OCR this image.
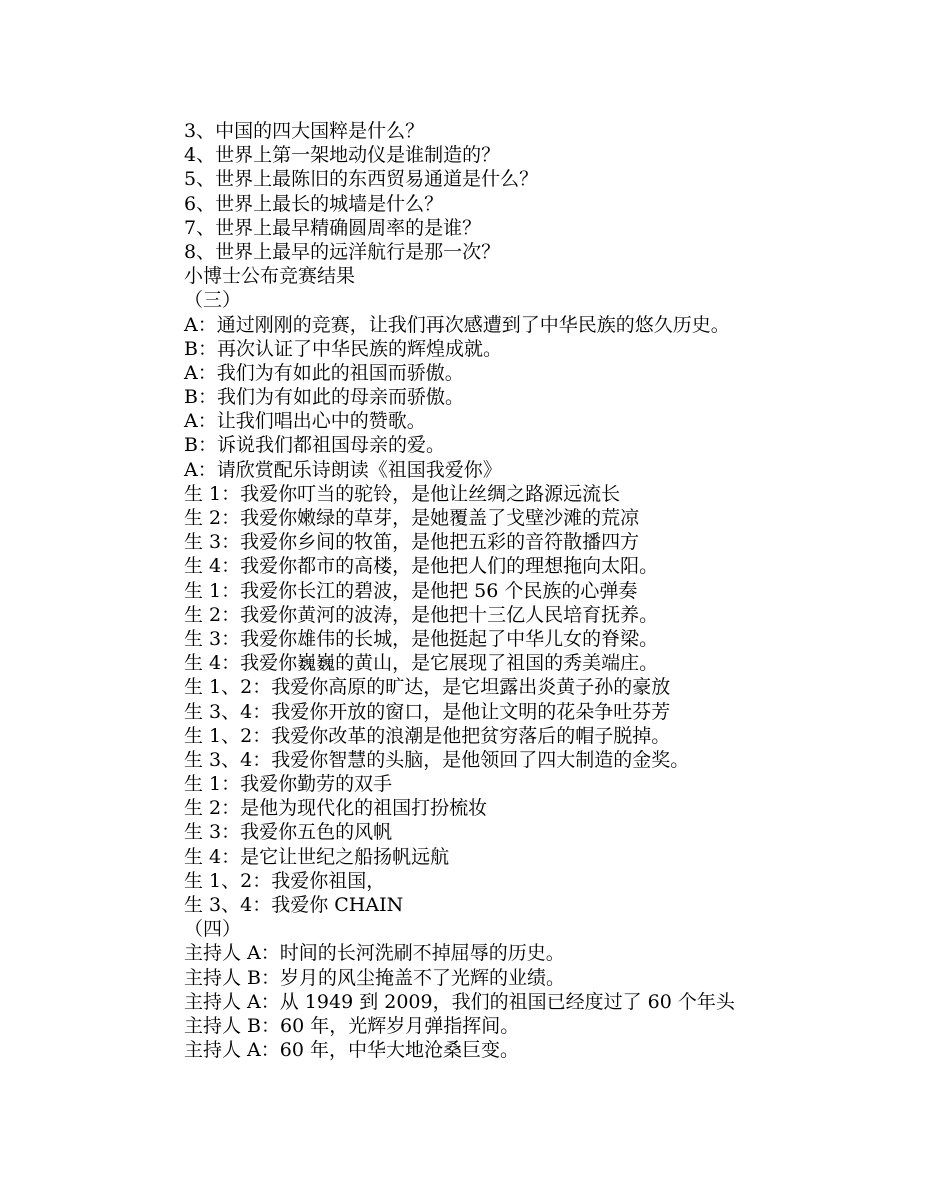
3、中国的四大国粹是什么？

4、世界上第一架地动仪是谁制造的？

5、世界上最陈旧的东西贸易通道是什么？

6、世界上最长的城墙是什么？

7、世界上最早精确圆周率的是谁？

8、世界上最早的远洋航行是那一次？

小博士公布竞赛结果

（三）

A：通过刚刚的竞赛，让我们再次感遭到了中华民族的悠久历史。

B：再次认证了中华民族的辉煌成就。

A：我们为有如此的祖国而骄傲。

B：我们为有如此的母亲而骄傲。

A：让我们唱出心中的赞歌。

B：诉说我们都祖国母亲的爱。

A：请欣赏配乐诗朗读《祖国我爱你》

生 1：我爱你叮当的驼铃，是他让丝绸之路源远流长

生 2：我爱你嫩绿的草芽，是她覆盖了戈壁沙滩的荒凉

生 3：我爱你乡间的牧笛，是他把五彩的音符散播四方

生 4：我爱你都市的高楼，是他把人们的理想拖向太阳。

生 1：我爱你长江的碧波，是他把 56 个民族的心弹奏

生 2：我爱你黄河的波涛，是他把十三亿人民培育抚养。

生 3：我爱你雄伟的长城，是他挺起了中华儿女的脊梁。

生 4：我爱你巍巍的黄山，是它展现了祖国的秀美端庄。

生 1、2：我爱你高原的旷达，是它坦露出炎黄子孙的豪放

生 3、4：我爱你开放的窗口，是他让文明的花朵争吐芬芳

生 1、2：我爱你改革的浪潮是他把贫穷落后的帽子脱掉。

生 3、4：我爱你智慧的头脑，是他领回了四大制造的金奖。

生 1：我爱你勤劳的双手

生 2：是他为现代化的祖国打扮梳妆

生 3：我爱你五色的风帆

生 4：是它让世纪之船扬帆远航

生 1、2：我爱你祖国，

生 3、4：我爱你 CHAIN

（四）

主持人 A：时间的长河洗刷不掉屈辱的历史。

主持人 B：岁月的风尘掩盖不了光辉的业绩。

主持人 A：从 1949 到 2009，我们的祖国已经度过了 60 个年头

主持人 B：60 年，光辉岁月弹指挥间。

主持人 A：60 年，中华大地沧桑巨变。
